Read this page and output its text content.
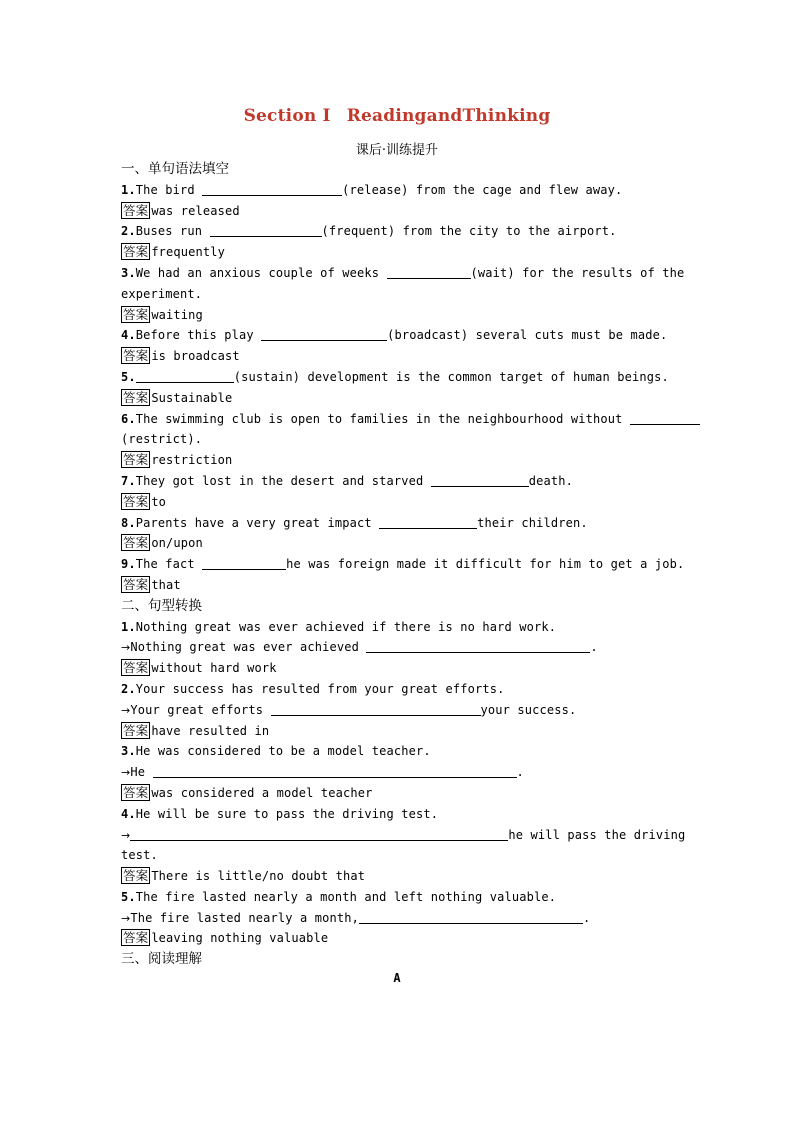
Section Ⅰ ReadingandThinking
课后·训练提升
一、单句语法填空
1.The bird	(release) from the cage and flew away.
答案 was released
2.Buses run	(frequent) from the city to the airport.
答案 frequently
3.We had an anxious couple of weeks	(wait) for the results of the
experiment.
答案 waiting
4.Before this play	(broadcast) several cuts must be made.
答案 is broadcast
5.	(sustain) development is the common target of human beings.
答案 Sustainable
6.The swimming club is open to families in the neighbourhood without
(restrict).
答案 restriction
7.They got lost in the desert and starved	death.
答案 to
8.Parents have a very great impact	their children.
答案 on/upon
9.The fact	he was foreign made it difficult for him to get a job.
答案 that
二、句型转换
1.Nothing great was ever achieved if there is no hard work.
→Nothing great was ever achieved	.
答案 without hard work
2.Your success has resulted from your great efforts.
→Your great efforts	your success.
答案 have resulted in
3.He was considered to be a model teacher.
→He	.
答案 was considered a model teacher
4.He will be sure to pass the driving test.
→	he will pass the driving
test.
答案 There is little/no doubt that
5.The fire lasted nearly a month and left nothing valuable.
→The fire lasted nearly a month,	.
答案 leaving nothing valuable
三、阅读理解
A
